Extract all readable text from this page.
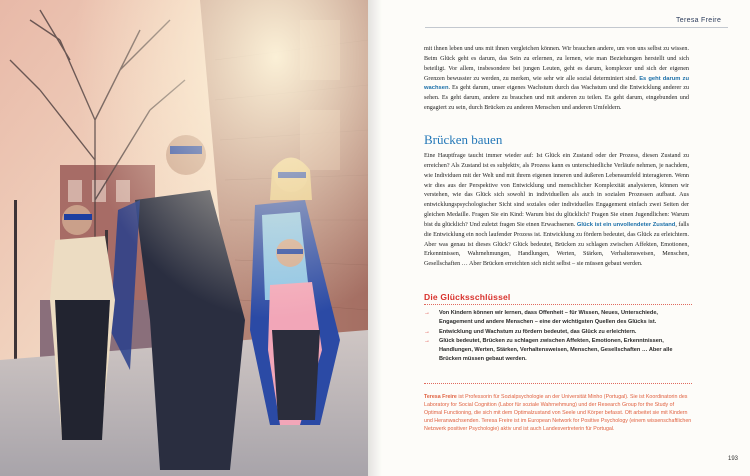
Teresa Freire

mit ihnen leben und uns mit ihnen vergleichen können. Wir brauchen andere, um von uns selbst zu wissen. Beim Glück geht es darum, das Sein zu erlernen, zu lernen, wie man Beziehungen herstellt und sich beteiligt. Vor allem, insbesondere bei jungen Leuten, geht es darum, komplexer und sich der eigenen Grenzen bewusster zu werden, zu merken, wie sehr wir alle sozial determiniert sind. Es geht darum zu wachsen. Es geht darum, unser eigenes Wachstum durch das Wachstum und die Entwicklung anderer zu sehen. Es geht darum, andere zu brauchen und mit anderen zu teilen. Es geht darum, eingebunden und engagiert zu sein, durch Brücken zu anderen Menschen und anderen Umfeldern.

Brücken bauen

Eine Hauptfrage taucht immer wieder auf: Ist Glück ein Zustand oder der Prozess, diesen Zustand zu erreichen? Als Zustand ist es subjektiv, als Prozess kann es unterschiedliche Verläufe nehmen, je nachdem, wie Individuen mit der Welt und mit ihrem eigenen inneren und äußeren Lebensumfeld interagieren. Wenn wir dies aus der Perspektive von Entwicklung und menschlicher Komplexität analysieren, können wir verstehen, wie das Glück sich sowohl in individuellen als auch in sozialen Prozessen aufbaut. Aus entwicklungspsychologischer Sicht sind soziales oder individuelles Engagement einfach zwei Seiten der gleichen Medaille. Fragen Sie ein Kind: Warum bist du glücklich? Fragen Sie einen Jugendlichen: Warum bist du glücklich? Und zuletzt fragen Sie einen Erwachsenen. Glück ist ein unvollendeter Zustand, falls die Entwicklung ein noch laufender Prozess ist. Entwicklung zu fördern bedeutet, das Glück zu erleichtern. Aber was genau ist dieses Glück? Glück bedeutet, Brücken zu schlagen zwischen Affekten, Emotionen, Erkenntnissen, Wahrnehmungen, Handlungen, Werten, Stärken, Verhaltensweisen, Menschen, Gesellschaften … Aber Brücken erreichten sich nicht selbst – sie müssen gebaut werden.

Die Glücksschlüssel
→ Von Kindern können wir lernen, dass Offenheit – für Wissen, Neues, Unterschiede, Engagement und andere Menschen – eine der wichtigsten Quellen des Glücks ist.
→ Entwicklung und Wachstum zu fördern bedeutet, das Glück zu erleichtern.
→ Glück bedeutet, Brücken zu schlagen zwischen Affekten, Emotionen, Erkenntnissen, Handlungen, Werten, Stärken, Verhaltensweisen, Menschen, Gesellschaften … Aber alle Brücken müssen gebaut werden.
Teresa Freire ist Professorin für Sozialpsychologie an der Universität Minho (Portugal). Sie ist Koordinatorin des Laboratory for Social Cognition (Labor für soziale Wahrnehmung) und der Research Group for the Study of Optimal Functioning, die sich mit dem Optimalzustand von Seele und Körper befasst. Oft arbeitet sie mit Kindern und Heranwachsenden. Teresa Freire ist im European Network for Positive Psychology (einem wissenschaftlichen Netzwerk positiver Psychologie) aktiv und ist auch Landesvertreterin für Portugal.
193
